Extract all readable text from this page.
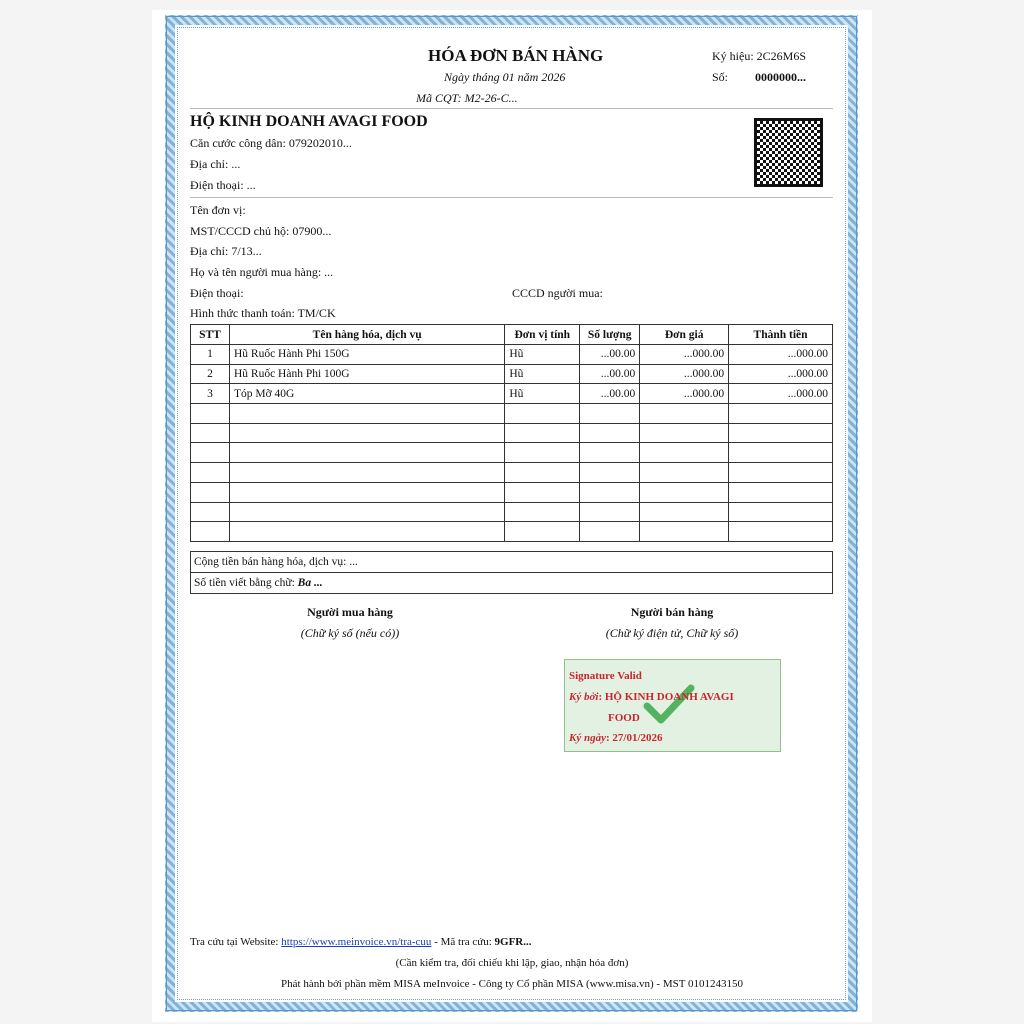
HÓA ĐƠN BÁN HÀNG
Ngày tháng 01 năm 2026
Mã CQT: M2-26-C...
Ký hiệu: 2C26M6S
Số: 0000000...
HỘ KINH DOANH AVAGI FOOD
Căn cước công dân: 079202010...
Địa chỉ: ...
Điện thoại: ...
Tên đơn vị:
MST/CCCD chủ hộ: 07900...
Địa chỉ: 7/13...
Họ và tên người mua hàng: ...
Điện thoại:	CCCD người mua:
Hình thức thanh toán: TM/CK
STT	Tên hàng hóa, dịch vụ	Đơn vị tính	Số lượng	Đơn giá	Thành tiền
1	Hũ Ruốc Hành Phi 150G	Hũ	...00.00	...000.00	...000.00
2	Hũ Ruốc Hành Phi 100G	Hũ	...00.00	...000.00	...000.00
3	Tóp Mỡ 40G	Hũ	...00.00	...000.00	...000.00

Cộng tiền bán hàng hóa, dịch vụ: ...
Số tiền viết bằng chữ: Ba ...
Người mua hàng
(Chữ ký số (nếu có))
Người bán hàng
(Chữ ký điện tử, Chữ ký số)
Signature Valid
Ký bởi: HỘ KINH DOANH AVAGI
FOOD
Ký ngày: 27/01/2026
Tra cứu tại Website: https://www.meinvoice.vn/tra-cuu - Mã tra cứu: 9GFR...
(Cần kiểm tra, đối chiếu khi lập, giao, nhận hóa đơn)
Phát hành bởi phần mềm MISA meInvoice - Công ty Cổ phần MISA (www.misa.vn) - MST 0101243150
